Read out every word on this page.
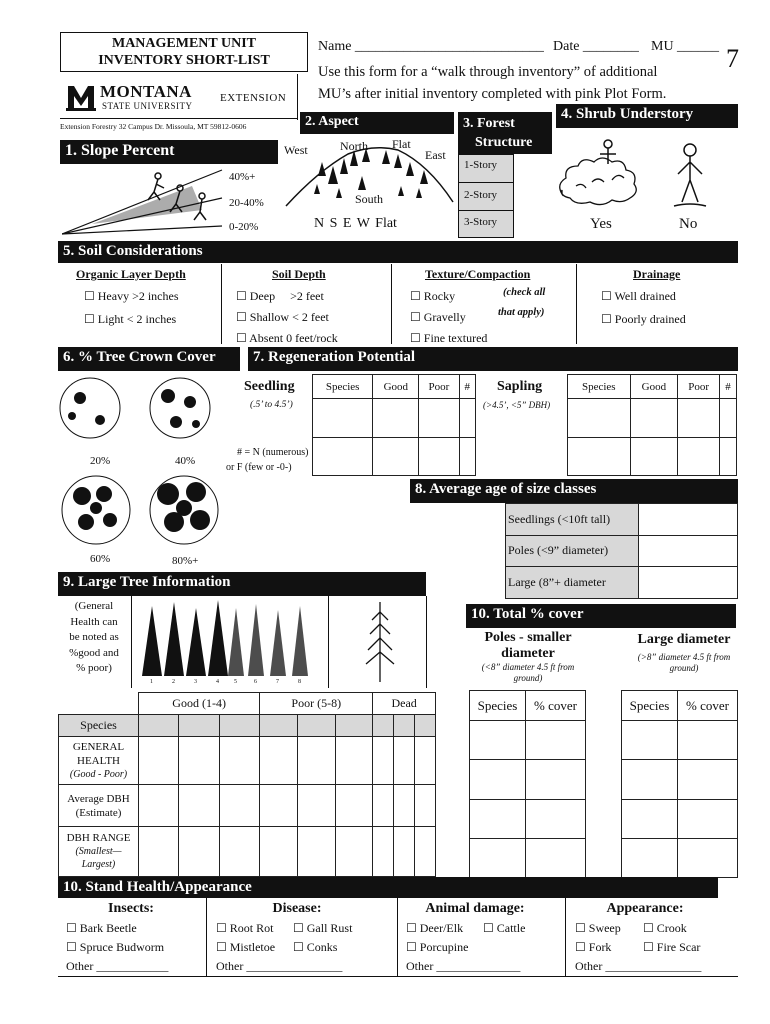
MANAGEMENT UNIT
INVENTORY SHORT-LIST
MONTANA
STATE UNIVERSITY
EXTENSION
Extension Forestry 32 Campus Dr. Missoula, MT 59812-0606
Name ___________________________ Date ________ MU ______ 7
Use this form for a “walk through inventory” of additional
MU’s after initial inventory completed with pink Plot Form.
2. Aspect
West	North Flat
East
South
N S E W Flat
1. Slope Percent
40%+
20-40%
0-20%
3. Forest
Structure
1-Story
2-Story
3-Story
4. Shrub Understory
Yes	No
5. Soil Considerations
Organic Layer Depth
☐ Heavy >2 inches
☐ Light < 2 inches
Soil Depth
☐ Deep     >2 feet
☐ Shallow < 2 feet
☐ Absent 0 feet/rock
Texture/Compaction
☐ Rocky
☐ Gravelly
☐ Fine textured
(check all
that apply)
Drainage
☐ Well drained
☐ Poorly drained
6. % Tree Crown Cover
20%	40%
60%	80%+
7. Regeneration Potential
Seedling
(.5’ to 4.5’)
Species	Good	Poor	#

# = N (numerous)
or F (few or -0-)
Sapling
(>4.5’, <5” DBH)
Species	Good	Poor	#

8. Average age of size classes
Seedlings (<10ft tall)	
Poles (<9” diameter)	
Large (8”+ diameter	
9. Large Tree Information
(General
Health can
be noted as
%good and
% poor)
1	2	3	4	5	6	7	8
	Good (1-4)			Poor (5-8)			Dead		
Species									

GENERAL HEALTH
(Good - Poor)									

Average DBH (Estimate)									

DBH RANGE
(Smallest— Largest)									

10. Total % cover
Poles - smaller
diameter
(<8” diameter 4.5 ft from ground)
Large diameter
(>8” diameter 4.5 ft from ground)
Species	% cover

		Species	% cover

10. Stand Health/Appearance
Insects:
☐ Bark Beetle
☐ Spruce Budworm
Other ____________
Disease:
☐ Root Rot	☐ Gall Rust
☐ Mistletoe	☐ Conks
Other ________________
Animal damage:
☐ Deer/Elk	☐ Cattle
☐ Porcupine
Other ______________
Appearance:
☐ Sweep	☐ Crook
☐ Fork	☐ Fire Scar
Other ________________
